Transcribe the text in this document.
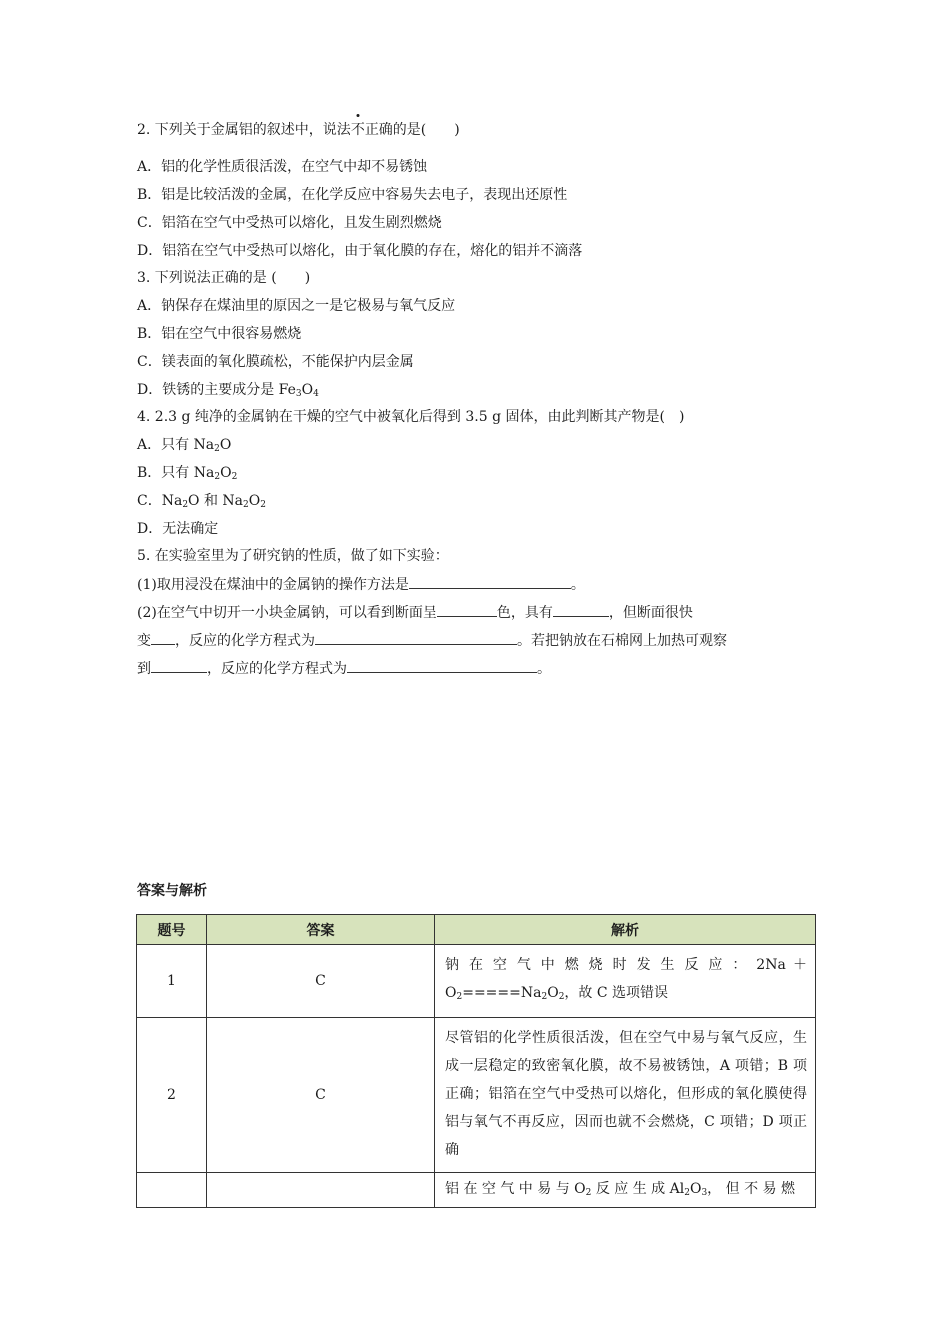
2. 下列关于金属铝的叙述中，说法
不正确的是(　　)
A．铝的化学性质很活泼，在空气中却不易锈蚀
B．铝是比较活泼的金属，在化学反应中容易失去电子，表现出还原性
C．铝箔在空气中受热可以熔化，且发生剧烈燃烧
D．铝箔在空气中受热可以熔化，由于氧化膜的存在，熔化的铝并不滴落
3. 下列说法正确的是 (　　)
A．钠保存在煤油里的原因之一是它极易与氧气反应
B．铝在空气中很容易燃烧
C．镁表面的氧化膜疏松，不能保护内层金属
D．铁锈的主要成分是 $Fe_3O_4$
4. 2.3 g 纯净的金属钠在干燥的空气中被氧化后得到 3.5 g 固体，由此判断其产物是(　)
A．只有 $Na_2O$
B．只有 $Na_2O_2$
C．$Na_2O$ 和 $Na_2O_2$
D．无法确定
5. 在实验室里为了研究钠的性质，做了如下实验：
(1)取用浸没在煤油中的金属钠的操作方法是	。
(2)在空气中切开一小块金属钠，可以看到断面呈	色，具有	，但断面很快
变 ，反应的化学方程式为	。若把钠放在石棉网上加热可观察
到	，反应的化学方程式为	。
答案与解析
题号	答案	解析
1	C	钠 在 空 气 中 燃 烧 时 发 生 反 应 ： 2Na ＋
$O_2=====Na_2O_2$，故 C 选项错误

2	C	尽管铝的化学性质很活泼，但在空气中易与氧气反应，生成一层稳定的致密氧化膜，故不易被锈蚀，A 项错；B 项正确；铝箔在空气中受热可以熔化，但形成的氧化膜使得铝与氧气不再反应，因而也就不会燃烧，C 项错；D 项正确

		铝 在 空 气 中 易 与 $O_2$ 反 应 生 成 $Al_2O_3$， 但 不 易 燃
